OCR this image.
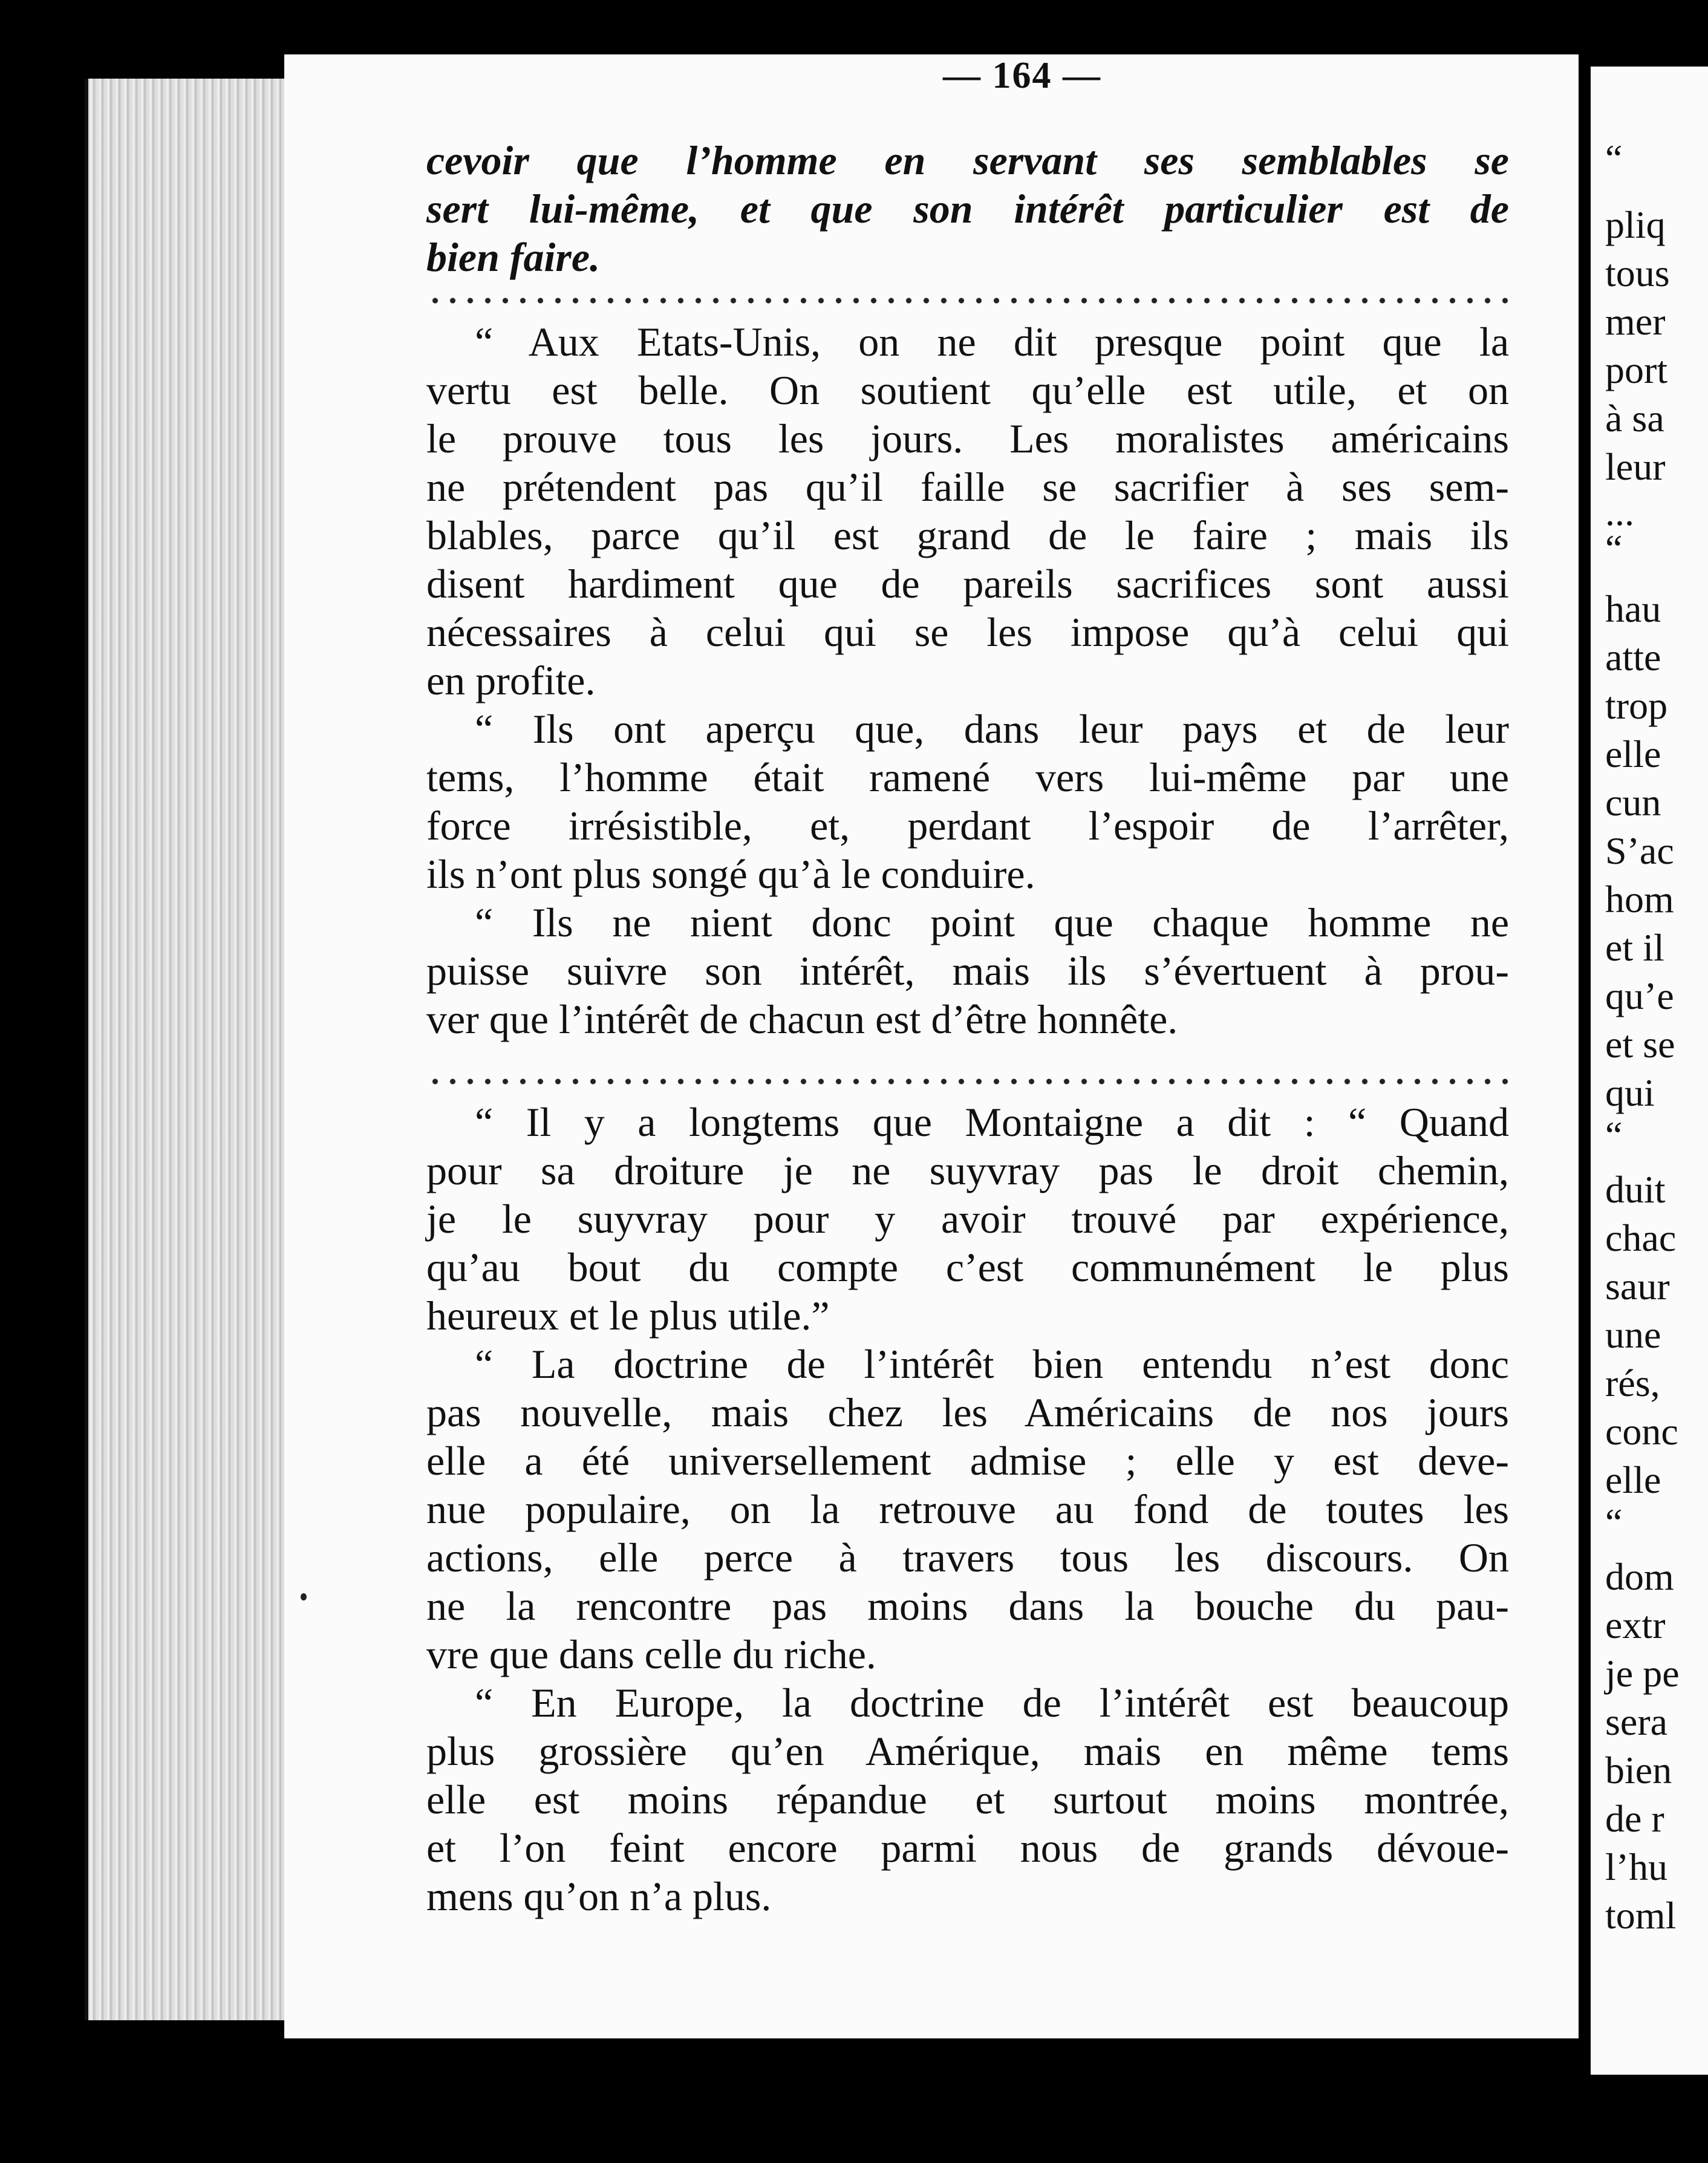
— 164 —
cevoir que l’homme en servant ses semblables se
sert lui-même, et que son intérêt particulier est de
bien faire.
“ Aux Etats-Unis, on ne dit presque point que la
vertu est belle. On soutient qu’elle est utile, et on
le prouve tous les jours. Les moralistes américains
ne prétendent pas qu’il faille se sacrifier à ses sem-
blables, parce qu’il est grand de le faire ; mais ils
disent hardiment que de pareils sacrifices sont aussi
nécessaires à celui qui se les impose qu’à celui qui
en profite.
“ Ils ont aperçu que, dans leur pays et de leur
tems, l’homme était ramené vers lui-même par une
force irrésistible, et, perdant l’espoir de l’arrêter,
ils n’ont plus songé qu’à le conduire.
“ Ils ne nient donc point que chaque homme ne
puisse suivre son intérêt, mais ils s’évertuent à prou-
ver que l’intérêt de chacun est d’être honnête.
“ Il y a longtems que Montaigne a dit : “ Quand
pour sa droiture je ne suyvray pas le droit chemin,
je le suyvray pour y avoir trouvé par expérience,
qu’au bout du compte c’est communément le plus
heureux et le plus utile.”
“ La doctrine de l’intérêt bien entendu n’est donc
pas nouvelle, mais chez les Américains de nos jours
elle a été universellement admise ; elle y est deve-
nue populaire, on la retrouve au fond de toutes les
actions, elle perce à travers tous les discours. On
ne la rencontre pas moins dans la bouche du pau-
vre que dans celle du riche.
“ En Europe, la doctrine de l’intérêt est beaucoup
plus grossière qu’en Amérique, mais en même tems
elle est moins répandue et surtout moins montrée,
et l’on feint encore parmi nous de grands dévoue-
mens qu’on n’a plus.
“
pliq
tous
mer
port
à sa
leur
...
“
hau
atte
trop
elle
cun
S’ac
hom
et il
qu’e
et se
qui
“
duit
chac
saur
une
rés,
conc
elle
“
dom
extr
je pe
sera
bien
de r
l’hu
toml
